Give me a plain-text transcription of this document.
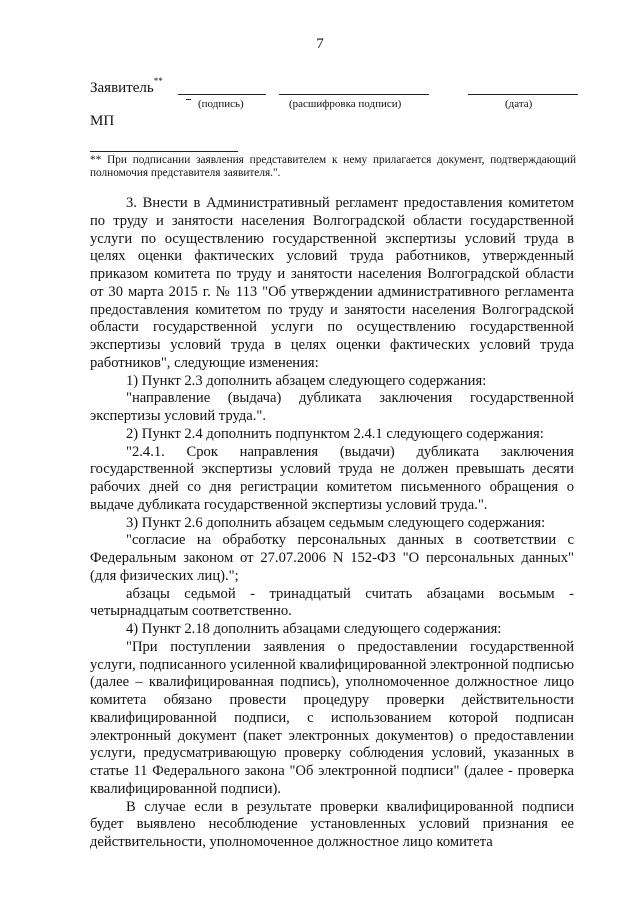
7
Заявитель**
(подпись)	(расшифровка подписи)	(дата)
МП
** При подписании заявления представителем к нему прилагается документ, подтверждающий полномочия представителя заявителя.".

3. Внести в Административный регламент предоставления комитетом по труду и занятости населения Волгоградской области государственной услуги по осуществлению государственной экспертизы условий труда в целях оценки фактических условий труда работников, утвержденный приказом комитета по труду и занятости населения Волгоградской области от 30 марта 2015 г. № 113 "Об утверждении административного регламента предоставления комитетом по труду и занятости населения Волгоградской области государственной услуги по осуществлению государственной экспертизы условий труда в целях оценки фактических условий труда работников", следующие изменения:

1) Пункт 2.3 дополнить абзацем следующего содержания:

"направление (выдача) дубликата заключения государственной экспертизы условий труда.".

2) Пункт 2.4 дополнить подпунктом 2.4.1 следующего содержания:

"2.4.1. Срок направления (выдачи) дубликата заключения государственной экспертизы условий труда не должен превышать десяти рабочих дней со дня регистрации комитетом письменного обращения о выдаче дубликата государственной экспертизы условий труда.".

3) Пункт 2.6 дополнить абзацем седьмым следующего содержания:

"согласие на обработку персональных данных в соответствии с Федеральным законом от 27.07.2006 N 152-ФЗ "О персональных данных" (для физических лиц).";

абзацы седьмой - тринадцатый считать абзацами восьмым - четырнадцатым соответственно.

4) Пункт 2.18 дополнить абзацами следующего содержания:

"При поступлении заявления о предоставлении государственной услуги, подписанного усиленной квалифицированной электронной подписью (далее – квалифицированная подпись), уполномоченное должностное лицо комитета обязано провести процедуру проверки действительности квалифицированной подписи, с использованием которой подписан электронный документ (пакет электронных документов) о предоставлении услуги, предусматривающую проверку соблюдения условий, указанных в статье 11 Федерального закона "Об электронной подписи" (далее - проверка квалифицированной подписи).

В случае если в результате проверки квалифицированной подписи будет выявлено несоблюдение установленных условий признания ее действительности, уполномоченное должностное лицо комитета
